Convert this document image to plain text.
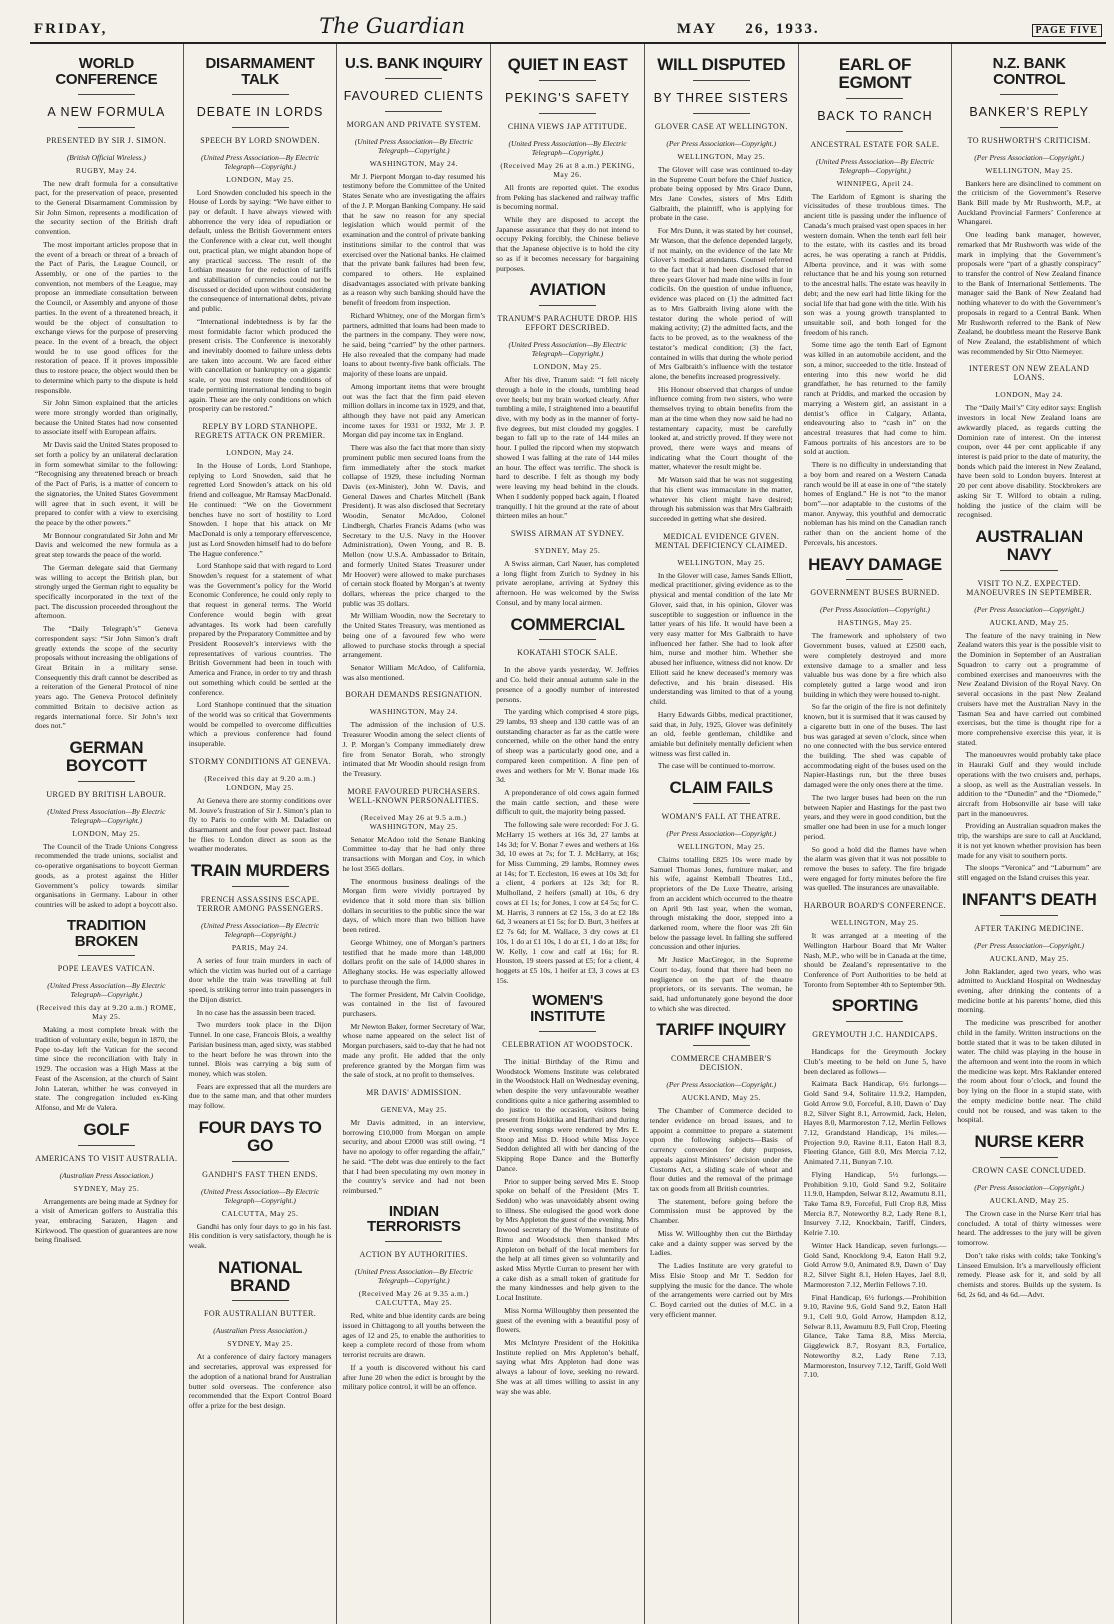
FRIDAY,	The Guardian	MAY 26, 1933.	PAGE FIVE
WORLD CONFERENCE
A NEW FORMULA
PRESENTED BY SIR J. SIMON.
(British Official Wireless.)
RUGBY, May 24.

The new draft formula for a consultative pact, for the preservation of peace, presented to the General Disarmament Commission by Sir John Simon, represents a modification of the security section of the British draft convention.

The most important articles propose that in the event of a breach or threat of a breach of the Pact of Paris, the League Council, or Assembly, or one of the parties to the convention, not members of the League, may propose an immediate consultation between the Council, or Assembly and anyone of those parties. In the event of a threatened breach, it would be the object of consultation to exchange views for the purpose of preserving peace. In the event of a breach, the object would be to use good offices for the restoration of peace. If it proves impossible thus to restore peace, the object would then be to determine which party to the dispute is held responsible.

Sir John Simon explained that the articles were more strongly worded than originally, because the United States had now consented to associate itself with European affairs.

Mr Davis said the United States proposed to set forth a policy by an unilateral declaration in form somewhat similar to the following: “Recognising any threatened breach or breach of the Pact of Paris, is a matter of concern to the signatories, the United States Government will agree that in such event, it will be prepared to confer with a view to exercising the peace by the other powers.”

Mr Bonnour congratulated Sir John and Mr Davis and welcomed the new formula as a great step towards the peace of the world.

The German delegate said that Germany was willing to accept the British plan, but strongly urged the German right to equality be specifically incorporated in the text of the pact. The discussion proceeded throughout the afternoon.

The “Daily Telegraph’s” Geneva correspondent says: “Sir John Simon’s draft greatly extends the scope of the security proposals without increasing the obligations of Great Britain in a military sense. Consequently this draft cannot be described as a reiteration of the General Protocol of nine years ago. The Geneva Protocol definitely committed Britain to decisive action as regards international force. Sir John’s text does not.”

GERMAN BOYCOTT
URGED BY BRITISH LABOUR.
(United Press Association—By Electric Telegraph—Copyright.)
LONDON, May 25.

The Council of the Trade Unions Congress recommended the trade unions, socialist and co-operative organisations to boycott German goods, as a protest against the Hitler Government’s policy towards similar organisations in Germany. Labour in other countries will be asked to adopt a boycott also.

TRADITION BROKEN
POPE LEAVES VATICAN.
(United Press Association—By Electric Telegraph—Copyright.)
(Received this day at 9.20 a.m.) ROME, May 25.

Making a most complete break with the tradition of voluntary exile, begun in 1870, the Pope to-day left the Vatican for the second time since the reconciliation with Italy in 1929. The occasion was a High Mass at the Feast of the Ascension, at the church of Saint John Lateran, whither he was conveyed in state. The congregation included ex-King Alfonso, and Mr de Valera.

GOLF
AMERICANS TO VISIT AUSTRALIA.
(Australian Press Association.)
SYDNEY, May 25.

Arrangements are being made at Sydney for a visit of American golfers to Australia this year, embracing Sarazen, Hagen and Kirkwood. The question of guarantees are now being finalised.

DISARMAMENT TALK
DEBATE IN LORDS
SPEECH BY LORD SNOWDEN.
(United Press Association—By Electric Telegraph—Copyright.)
LONDON, May 25.

Lord Snowden concluded his speech in the House of Lords by saying: “We have either to pay or default. I have always viewed with abhorrence the very idea of repudiation or default, unless the British Government enters the Conference with a clear cut, well thought out, practical plan, we might abandon hope of any practical success. The result of the Lothian measure for the reduction of tariffs and stabilisation of currencies could not be discussed or decided upon without considering the consequence of international debts, private and public.

“International indebtedness is by far the most formidable factor which produced the present crisis. The Conference is inexorably and inevitably doomed to failure unless debts are taken into account. We are faced either with cancellation or bankruptcy on a gigantic scale, or you must restore the conditions of trade permitting international lending to begin again. These are the only conditions on which prosperity can be restored.”

REPLY BY LORD STANHOPE. REGRETS ATTACK ON PREMIER.
LONDON, May 24.

In the House of Lords, Lord Stanhope, replying to Lord Snowden, said that he regretted Lord Snowden’s attack on his old friend and colleague, Mr Ramsay MacDonald. He continued: “We on the Government benches have no sort of hostility to Lord Snowden. I hope that his attack on Mr MacDonald is only a temporary effervescence, just as Lord Snowden himself had to do before The Hague conference.”

Lord Stanhope said that with regard to Lord Snowden’s request for a statement of what was the Government’s policy for the World Economic Conference, he could only reply to that request in general terms. The World Conference would begin with great advantages. Its work had been carefully prepared by the Preparatory Committee and by President Roosevelt’s interviews with the representatives of various countries. The British Government had been in touch with America and France, in order to try and thrash out something which could be settled at the conference.

Lord Stanhope continued that the situation of the world was so critical that Governments would be compelled to overcome difficulties which a previous conference had found insuperable.

STORMY CONDITIONS AT GENEVA.
(Received this day at 9.20 a.m.) LONDON, May 25.

At Geneva there are stormy conditions over M. Jouve’s frustration of Sir J. Simon’s plan to fly to Paris to confer with M. Daladier on disarmament and the four power pact. Instead he flies to London direct as soon as the weather moderates.

TRAIN MURDERS
FRENCH ASSASSINS ESCAPE. TERROR AMONG PASSENGERS.
(United Press Association—By Electric Telegraph—Copyright.)
PARIS, May 24.

A series of four train murders in each of which the victim was hurled out of a carriage door while the train was travelling at full speed, is striking terror into train passengers in the Dijon district.

In no case has the assassin been traced.

Two murders took place in the Dijon Tunnel. In one case, Francois Blois, a wealthy Parisian business man, aged sixty, was stabbed to the heart before he was thrown into the tunnel. Blois was carrying a big sum of money, which was stolen.

Fears are expressed that all the murders are due to the same man, and that other murders may follow.

FOUR DAYS TO GO
GANDHI'S FAST THEN ENDS.
(United Press Association—By Electric Telegraph—Copyright.)
CALCUTTA, May 25.

Gandhi has only four days to go in his fast. His condition is very satisfactory, though he is weak.

NATIONAL BRAND
FOR AUSTRALIAN BUTTER.
(Australian Press Association.)
SYDNEY, May 25.

At a conference of dairy factory managers and secretaries, approval was expressed for the adoption of a national brand for Australian butter sold overseas. The conference also recommended that the Export Control Board offer a prize for the best design.

U.S. BANK INQUIRY
FAVOURED CLIENTS
MORGAN AND PRIVATE SYSTEM.
(United Press Association—By Electric Telegraph—Copyright.)
WASHINGTON, May 24.

Mr J. Pierpont Morgan to-day resumed his testimony before the Committee of the United States Senate who are investigating the affairs of the J. P. Morgan Banking Company. He said that he saw no reason for any special legislation which would permit of the examination and the control of private banking institutions similar to the control that was exercised over the National banks. He claimed that the private bank failures had been few, compared to others. He explained disadvantages associated with private banking as a reason why such banking should have the benefit of freedom from inspection.

Richard Whitney, one of the Morgan firm’s partners, admitted that loans had been made to the partners in the company. They were now, he said, being “carried” by the other partners. He also revealed that the company had made loans to about twenty-five bank officials. The majority of these loans are unpaid.

Among important items that were brought out was the fact that the firm paid eleven million dollars in income tax in 1929, and that, although they have not paid any American income taxes for 1931 or 1932, Mr J. P. Morgan did pay income tax in England.

There was also the fact that more than sixty prominent public men secured loans from the firm immediately after the stock market collapse of 1929, these including Norman Davis (ex-Minister), John W. Davis, and General Dawes and Charles Mitchell (Bank President). It was also disclosed that Secretary Woodin, Senator McAdoo, Colonel Lindbergh, Charles Francis Adams (who was Secretary to the U.S. Navy in the Hoover Administration), Owen Young, and R. B. Mellon (now U.S.A. Ambassador to Britain, and formerly United States Treasurer under Mr Hoover) were allowed to make purchases of certain stock floated by Morgan’s at twenty dollars, whereas the price charged to the public was 35 dollars.

Mr William Woodin, now the Secretary to the United States Treasury, was mentioned as being one of a favoured few who were allowed to purchase stocks through a special arrangement.

Senator William McAdoo, of California, was also mentioned.

BORAH DEMANDS RESIGNATION.
WASHINGTON, May 24.

The admission of the inclusion of U.S. Treasurer Woodin among the select clients of J. P. Morgan’s Company immediately drew fire from Senator Borah, who strongly intimated that Mr Woodin should resign from the Treasury.

MORE FAVOURED PURCHASERS. WELL-KNOWN PERSONALITIES.
(Received May 26 at 9.5 a.m.) WASHINGTON, May 25.

Senator McAdoo told the Senate Banking Committee to-day that he had only three transactions with Morgan and Coy, in which he lost 3565 dollars.

The enormous business dealings of the Morgan firm were vividly portrayed by evidence that it sold more than six billion dollars in securities to the public since the war days, of which more than two billion have been retired.

George Whitney, one of Morgan’s partners testified that he made more than 148,000 dollars profit on the sale of 14,000 shares in Alleghany stocks. He was especially allowed to purchase through the firm.

The former President, Mr Calvin Coolidge, was contained in the list of favoured purchasers.

Mr Newton Baker, former Secretary of War, whose name appeared on the select list of Morgan purchasers, said to-day that he had not made any profit. He added that the only preference granted by the Morgan firm was the sale of stock, at no profit to themselves.

MR DAVIS' ADMISSION.
GENEVA, May 25.

Mr Davis admitted, in an interview, borrowing £10,000 from Morgan on ample security, and about £2000 was still owing. “I have no apology to offer regarding the affair,” he said. “The debt was due entirely to the fact that I had been speculating my own money in the country’s service and had not been reimbursed.”

INDIAN TERRORISTS
ACTION BY AUTHORITIES.
(United Press Association—By Electric Telegraph—Copyright.)
(Received May 26 at 9.35 a.m.) CALCUTTA, May 25.

Red, white and blue identity cards are being issued in Chittagong to all youths between the ages of 12 and 25, to enable the authorities to keep a complete record of those from whom terrorist recruits are drawn.

If a youth is discovered without his card after June 20 when the edict is brought by the military police control, it will be an offence.

QUIET IN EAST
PEKING'S SAFETY
CHINA VIEWS JAP ATTITUDE.
(United Press Association—By Electric Telegraph—Copyright.)
(Received May 26 at 8 a.m.) PEKING, May 26.

All fronts are reported quiet. The exodus from Peking has slackened and railway traffic is becoming normal.

While they are disposed to accept the Japanese assurance that they do not intend to occupy Peking forcibly, the Chinese believe that the Japanese objective is to hold the city so as if it becomes necessary for bargaining purposes.

AVIATION
TRANUM'S PARACHUTE DROP. HIS EFFORT DESCRIBED.
(United Press Association—By Electric Telegraph—Copyright.)
LONDON, May 25.

After his dive, Tranum said: “I fell nicely through a hole in the clouds, tumbling head over heels; but my brain worked clearly. After tumbling a mile, I straightened into a beautiful dive, with my body as in the manner of forty-five degrees, but mist clouded my goggles. I began to fall up to the rate of 144 miles an hour. I pulled the ripcord when my stopwatch showed I was falling at the rate of 144 miles an hour. The effect was terrific. The shock is hard to describe. I felt as though my body were leaving my head behind in the clouds. When I suddenly popped back again, I floated tranquilly. I hit the ground at the rate of about thirteen miles an hour.”

SWISS AIRMAN AT SYDNEY.
SYDNEY, May 25.

A Swiss airman, Carl Nauer, has completed a long flight from Zurich to Sydney in his private aeroplane, arriving at Sydney this afternoon. He was welcomed by the Swiss Consul, and by many local airmen.

COMMERCIAL
KOKATAHI STOCK SALE.

In the above yards yesterday, W. Jeffries and Co. held their annual autumn sale in the presence of a goodly number of interested persons.

The yarding which comprised 4 store pigs, 29 lambs, 93 sheep and 130 cattle was of an outstanding character as far as the cattle were concerned, while on the other hand the entry of sheep was a particularly good one, and a compared keen competition. A fine pen of ewes and wethers for Mr V. Bonar made 16s 3d.

A preponderance of old cows again formed the main cattle section, and these were difficult to quit, the majority being passed.

The following sale were recorded: For J. G. McHarry 15 wethers at 16s 3d, 27 lambs at 14s 3d; for V. Bonar 7 ewes and wethers at 16s 3d, 10 ewes at 7s; for T. J. McHarry, at 16s; for Miss Cumming, 29 lambs, Romney ewes at 14s; for T. Eccleston, 16 ewes at 10s 3d; for a client, 4 porkers at 12s 3d; for R. Mulholland, 2 heifers (small) at 10s, 6 dry cows at £1 1s; for Jones, 1 cow at £4 5s; for C. M. Harris, 3 runners at £2 15s, 3 do at £2 18s 6d, 3 weaners at £1 5s; for D. Burt, 3 heifers at £2 7s 6d; for M. Wallace, 3 dry cows at £1 10s, 1 do at £1 10s, 1 do at £1, 1 do at 18s; for W. Kelly, 1 cow and calf at 16s; for R. Houston, 19 steers passed at £5; for a client, 4 hoggets at £5 10s, 1 heifer at £3, 3 cows at £3 15s.

WOMEN'S INSTITUTE
CELEBRATION AT WOODSTOCK.

The initial Birthday of the Rimu and Woodstock Womens Institute was celebrated in the Woodstock Hall on Wednesday evening, when despite the very unfavourable weather conditions quite a nice gathering assembled to do justice to the occasion, visitors being present from Hokitika and Harihari and during the evening songs were rendered by Mrs E. Stoop and Miss D. Hood while Miss Joyce Seddon delighted all with her dancing of the Skipping Rope Dance and the Butterfly Dance.

Prior to supper being served Mrs E. Stoop spoke on behalf of the President (Mrs T. Seddon) who was unavoidably absent owing to illness. She eulogised the good work done by Mrs Appleton the guest of the evening. Mrs Inwood secretary of the Womens Institute of Rimu and Woodstock then thanked Mrs Appleton on behalf of the local members for the help at all times given so voluntarily and asked Miss Myrtle Curran to present her with a cake dish as a small token of gratitude for the many kindnesses and help given to the Local Institute.

Miss Norma Willoughby then presented the guest of the evening with a beautiful posy of flowers.

Mrs McIntyre President of the Hokitika Institute replied on Mrs Appleton’s behalf, saying what Mrs Appleton had done was always a labour of love, seeking no reward. She was at all times willing to assist in any way she was able.

WILL DISPUTED
BY THREE SISTERS
GLOVER CASE AT WELLINGTON.
(Per Press Association—Copyright.)
WELLINGTON, May 25.

The Glover will case was continued to-day in the Supreme Court before the Chief Justice, probate being opposed by Mrs Grace Dunn, Mrs Jane Cowles, sisters of Mrs Edith Galbraith, the plaintiff, who is applying for probate in the case.

For Mrs Dunn, it was stated by her counsel, Mr Watson, that the defence depended largely, if not mainly, on the evidence of the late Mr Glover’s medical attendants. Counsel referred to the fact that it had been disclosed that in three years Glover had made nine wills in four codicils. On the question of undue influence, evidence was placed on (1) the admitted fact as to Mrs Galbraith living alone with the testator during the whole period of will making activity; (2) the admitted facts, and the facts to be proved, as to the weakness of the testator’s medical condition; (3) the fact, contained in wills that during the whole period of Mrs Galbraith’s influence with the testator alone, the benefits increased progressively.

His Honour observed that charges of undue influence coming from two sisters, who were themselves trying to obtain benefits from the man at the time when they now said he had no testamentary capacity, must be carefully looked at, and strictly proved. If they were not proved, there were ways and means of indicating what the Court thought of the matter, whatever the result might be.

Mr Watson said that he was not suggesting that his client was immaculate in the matter, whatever his client might have desired; through his submission was that Mrs Galbraith succeeded in getting what she desired.

MEDICAL EVIDENCE GIVEN. MENTAL DEFICIENCY CLAIMED.
WELLINGTON, May 25.

In the Glover will case, James Sands Elliott, medical practitioner, giving evidence as to the physical and mental condition of the late Mr Glover, said that, in his opinion, Glover was susceptible to suggestion or influence in the latter years of his life. It would have been a very easy matter for Mrs Galbraith to have influenced her father. She had to look after him, nurse and mother him. Whether she abused her influence, witness did not know. Dr Elliott said he knew deceased’s memory was defective, and his brain diseased. His understanding was limited to that of a young child.

Harry Edwards Gibbs, medical practitioner, said that, in July, 1925, Glover was definitely an old, feeble gentleman, childlike and amiable but definitely mentally deficient when witness was first called in.

The case will be continued to-morrow.

CLAIM FAILS
WOMAN'S FALL AT THEATRE.
(Per Press Association—Copyright.)
WELLINGTON, May 25.

Claims totalling £825 10s were made by Samuel Thomas Jones, furniture maker, and his wife, against Kemball Theatres Ltd., proprietors of the De Luxe Theatre, arising from an accident which occurred to the theatre on April 9th last year, when the woman, through mistaking the door, stepped into a darkened room, where the floor was 2ft 6in below the passage level. In falling she suffered concussion and other injuries.

Mr Justice MacGregor, in the Supreme Court to-day, found that there had been no negligence on the part of the theatre proprietors, or its servants. The woman, he said, had unfortunately gone beyond the door to which she was directed.

TARIFF INQUIRY
COMMERCE CHAMBER'S DECISION.
(Per Press Association—Copyright.)
AUCKLAND, May 25.

The Chamber of Commerce decided to tender evidence on broad issues, and to appoint a committee to prepare a statement upon the following subjects—Basis of currency conversion for duty purposes, appeals against Ministers’ decision under the Customs Act, a sliding scale of wheat and flour duties and the removal of the primage tax on goods from all British countries.

The statement, before going before the Commission must be approved by the Chamber.

Miss W. Willoughby then cut the Birthday cake and a dainty supper was served by the Ladies.

The Ladies Institute are very grateful to Miss Elsie Stoop and Mr T. Seddon for supplying the music for the dance. The whole of the arrangements were carried out by Mrs C. Boyd carried out the duties of M.C. in a very efficient manner.

EARL OF EGMONT
BACK TO RANCH
ANCESTRAL ESTATE FOR SALE.
(United Press Association—By Electric Telegraph—Copyright.)
WINNIPEG, April 24.

The Earldom of Egmont is sharing the vicissitudes of these troublous times. The ancient title is passing under the influence of Canada’s much praised vast open spaces in her western domain. When the tenth earl fell heir to the estate, with its castles and its broad acres, he was operating a ranch at Priddis, Alberta province, and it was with some reluctance that he and his young son returned to the ancestral halls. The estate was heavily in debt; and the new earl had little liking for the social life that had gone with the title. With his son was a young growth transplanted to unsuitable soil, and both longed for the freedom of his ranch.

Some time ago the tenth Earl of Egmont was killed in an automobile accident, and the son, a minor, succeeded to the title. Instead of entering into this new world he did grandfather, he has returned to the family ranch at Priddis, and marked the occasion by marrying a Western girl, an assistant in a dentist’s office in Calgary, Atlanta, endeavouring also to “cash in” on the ancestral treasures that had come to him. Famous portraits of his ancestors are to be sold at auction.

There is no difficulty in understanding that a boy born and reared on a Western Canada ranch would be ill at ease in one of “the stately homes of England.” He is not “to the manor born”—nor adaptable to the customs of the manor. Anyway, this youthful and democratic nobleman has his mind on the Canadian ranch rather than on the ancient home of the Percevals, his ancestors.

HEAVY DAMAGE
GOVERNMENT BUSES BURNED.
(Per Press Association—Copyright.)
HASTINGS, May 25.

The framework and upholstery of two Government buses, valued at £2500 each, were completely destroyed and more extensive damage to a smaller and less valuable bus was done by a fire which also completely gutted a large wood and iron building in which they were housed to-night.

So far the origin of the fire is not definitely known, but it is surmised that it was caused by a cigarette butt in one of the buses. The last bus was garaged at seven o’clock, since when no one connected with the bus service entered the building. The shed was capable of accommodating eight of the buses used on the Napier-Hastings run, but the three buses damaged were the only ones there at the time.

The two larger buses had been on the run between Napier and Hastings for the past two years, and they were in good condition, but the smaller one had been in use for a much longer period.

So good a hold did the flames have when the alarm was given that it was not possible to remove the buses to safety. The fire brigade were engaged for forty minutes before the fire was quelled. The insurances are unavailable.

HARBOUR BOARD'S CONFERENCE.
WELLINGTON, May 25.

It was arranged at a meeting of the Wellington Harbour Board that Mr Walter Nash, M.P., who will be in Canada at the time, should be Zealand’s representative to the Conference of Port Authorities to be held at Toronto from September 4th to September 9th.

SPORTING
GREYMOUTH J.C. HANDICAPS.

Handicaps for the Greymouth Jockey Club’s meeting to be held on June 5, have been declared as follows—

Kaimata Back Handicap, 6½ furlongs—Gold Sand 9.4, Solitaire 11.9.2, Hampden, Gold Arrow 9.0, Forceful, 8.10, Dawn o’ Day 8.2, Silver Sight 8.1, Arrowmid, Jack, Helen, Hayes 8.0, Marmoreston 7.12, Merlin Fellows 7.12, Grandstand Handicap, 1¼ miles.—Projection 9.0, Ravine 8.11, Eaton Hall 8.3, Fleeting Glance, Gill 8.0, Mrs Mercia 7.12, Animated 7.11, Bunyan 7.10.

Flying Handicap, 5½ furlongs.—Prohibition 9.10, Gold Sand 9.2, Solitaire 11.9.0, Hampden, Selwar 8.12, Awamutu 8.11, Take Tama 8.9, Forceful, Full Crop 8.8, Miss Mercia 8.7, Noteworthy 8.2, Lady Rene 8.1, Insurvey 7.12, Knockbain, Tariff, Cinders, Kelrie 7.10.

Winter Hack Handicap, seven furlongs.—Gold Sand, Knocklong 9.4, Eaton Hall 9.2, Gold Arrow 9.0, Animated 8.9, Dawn o’ Day 8.2, Silver Sight 8.1, Helen Hayes, Jael 8.0, Marmoreston 7.12, Merlin Fellows 7.10.

Final Handicap, 6½ furlongs.—Prohibition 9.10, Ravine 9.6, Gold Sand 9.2, Eaton Hall 9.1, Cell 9.0, Gold Arrow, Hampden 8.12, Selwar 8.11, Awamutu 8.9, Full Crop, Fleeting Glance, Take Tama 8.8, Miss Mercia, Gigglewick 8.7, Rosyant 8.3, Fortalice, Noteworthy 8.2, Lady Rene 7.13, Marmoreston, Insurvey 7.12, Tariff, Gold Well 7.10.

N.Z. BANK CONTROL
BANKER'S REPLY
TO RUSHWORTH'S CRITICISM.
(Per Press Association—Copyright.)
WELLINGTON, May 25.

Bankers here are disinclined to comment on the criticism of the Government’s Reserve Bank Bill made by Mr Rushworth, M.P., at Auckland Provincial Farmers’ Conference at Whangarei.

One leading bank manager, however, remarked that Mr Rushworth was wide of the mark in implying that the Government’s proposals were “part of a ghastly conspiracy” to transfer the control of New Zealand finance to the Bank of International Settlements. The manager said the Bank of New Zealand had nothing whatever to do with the Government’s proposals in regard to a Central Bank. When Mr Rushworth referred to the Bank of New Zealand, he doubtless meant the Reserve Bank of New Zealand, the establishment of which was recommended by Sir Otto Niemeyer.

INTEREST ON NEW ZEALAND LOANS.
LONDON, May 24.

The “Daily Mail’s” City editor says: English investors in local New Zealand loans are awkwardly placed, as regards cutting the Dominion rate of interest. On the interest coupon, over 44 per cent applicable if any interest is paid prior to the date of maturity, the bonds which paid the interest in New Zealand, have been sold to London buyers. Interest at 20 per cent above disability. Stockbrokers are asking Sir T. Wilford to obtain a ruling, holding the justice of the claim will be recognised.

AUSTRALIAN NAVY
VISIT TO N.Z. EXPECTED. MANOEUVRES IN SEPTEMBER.
(Per Press Association—Copyright.)
AUCKLAND, May 25.

The feature of the navy training in New Zealand waters this year is the possible visit to the Dominion in September of an Australian Squadron to carry out a programme of combined exercises and manoeuvres with the New Zealand Division of the Royal Navy. On several occasions in the past New Zealand cruisers have met the Australian Navy in the Tasman Sea and have carried out combined exercises, but the time is thought ripe for a more comprehensive exercise this year, it is stated.

The manoeuvres would probably take place in Hauraki Gulf and they would include operations with the two cruisers and, perhaps, a sloop, as well as the Australian vessels. In addition to the “Dunedin” and the “Diomede,” aircraft from Hobsonville air base will take part in the manoeuvres.

Providing an Australian squadron makes the trip, the warships are sure to call at Auckland, it is not yet known whether provision has been made for any visit to southern ports.

The sloops “Veronica” and “Laburnum” are still engaged on the Island cruises this year.

INFANT'S DEATH
AFTER TAKING MEDICINE.
(Per Press Association—Copyright.)
AUCKLAND, May 25.

John Raklander, aged two years, who was admitted to Auckland Hospital on Wednesday evening, after drinking the contents of a medicine bottle at his parents’ home, died this morning.

The medicine was prescribed for another child in the family. Written instructions on the bottle stated that it was to be taken diluted in water. The child was playing in the house in the afternoon and went into the room in which the medicine was kept. Mrs Raklander entered the room about four o’clock, and found the boy lying on the floor in a stupid state, with the empty medicine bottle near. The child could not be roused, and was taken to the hospital.

NURSE KERR
CROWN CASE CONCLUDED.
(Per Press Association—Copyright.)
AUCKLAND, May 25.

The Crown case in the Nurse Kerr trial has concluded. A total of thirty witnesses were heard. The addresses to the jury will be given tomorrow.

Don’t take risks with colds; take Tonking’s Linseed Emulsion. It’s a marvellously efficient remedy. Please ask for it, and sold by all chemists and stores. Builds up the system. Is 6d, 2s 6d, and 4s 6d.—Advt.
